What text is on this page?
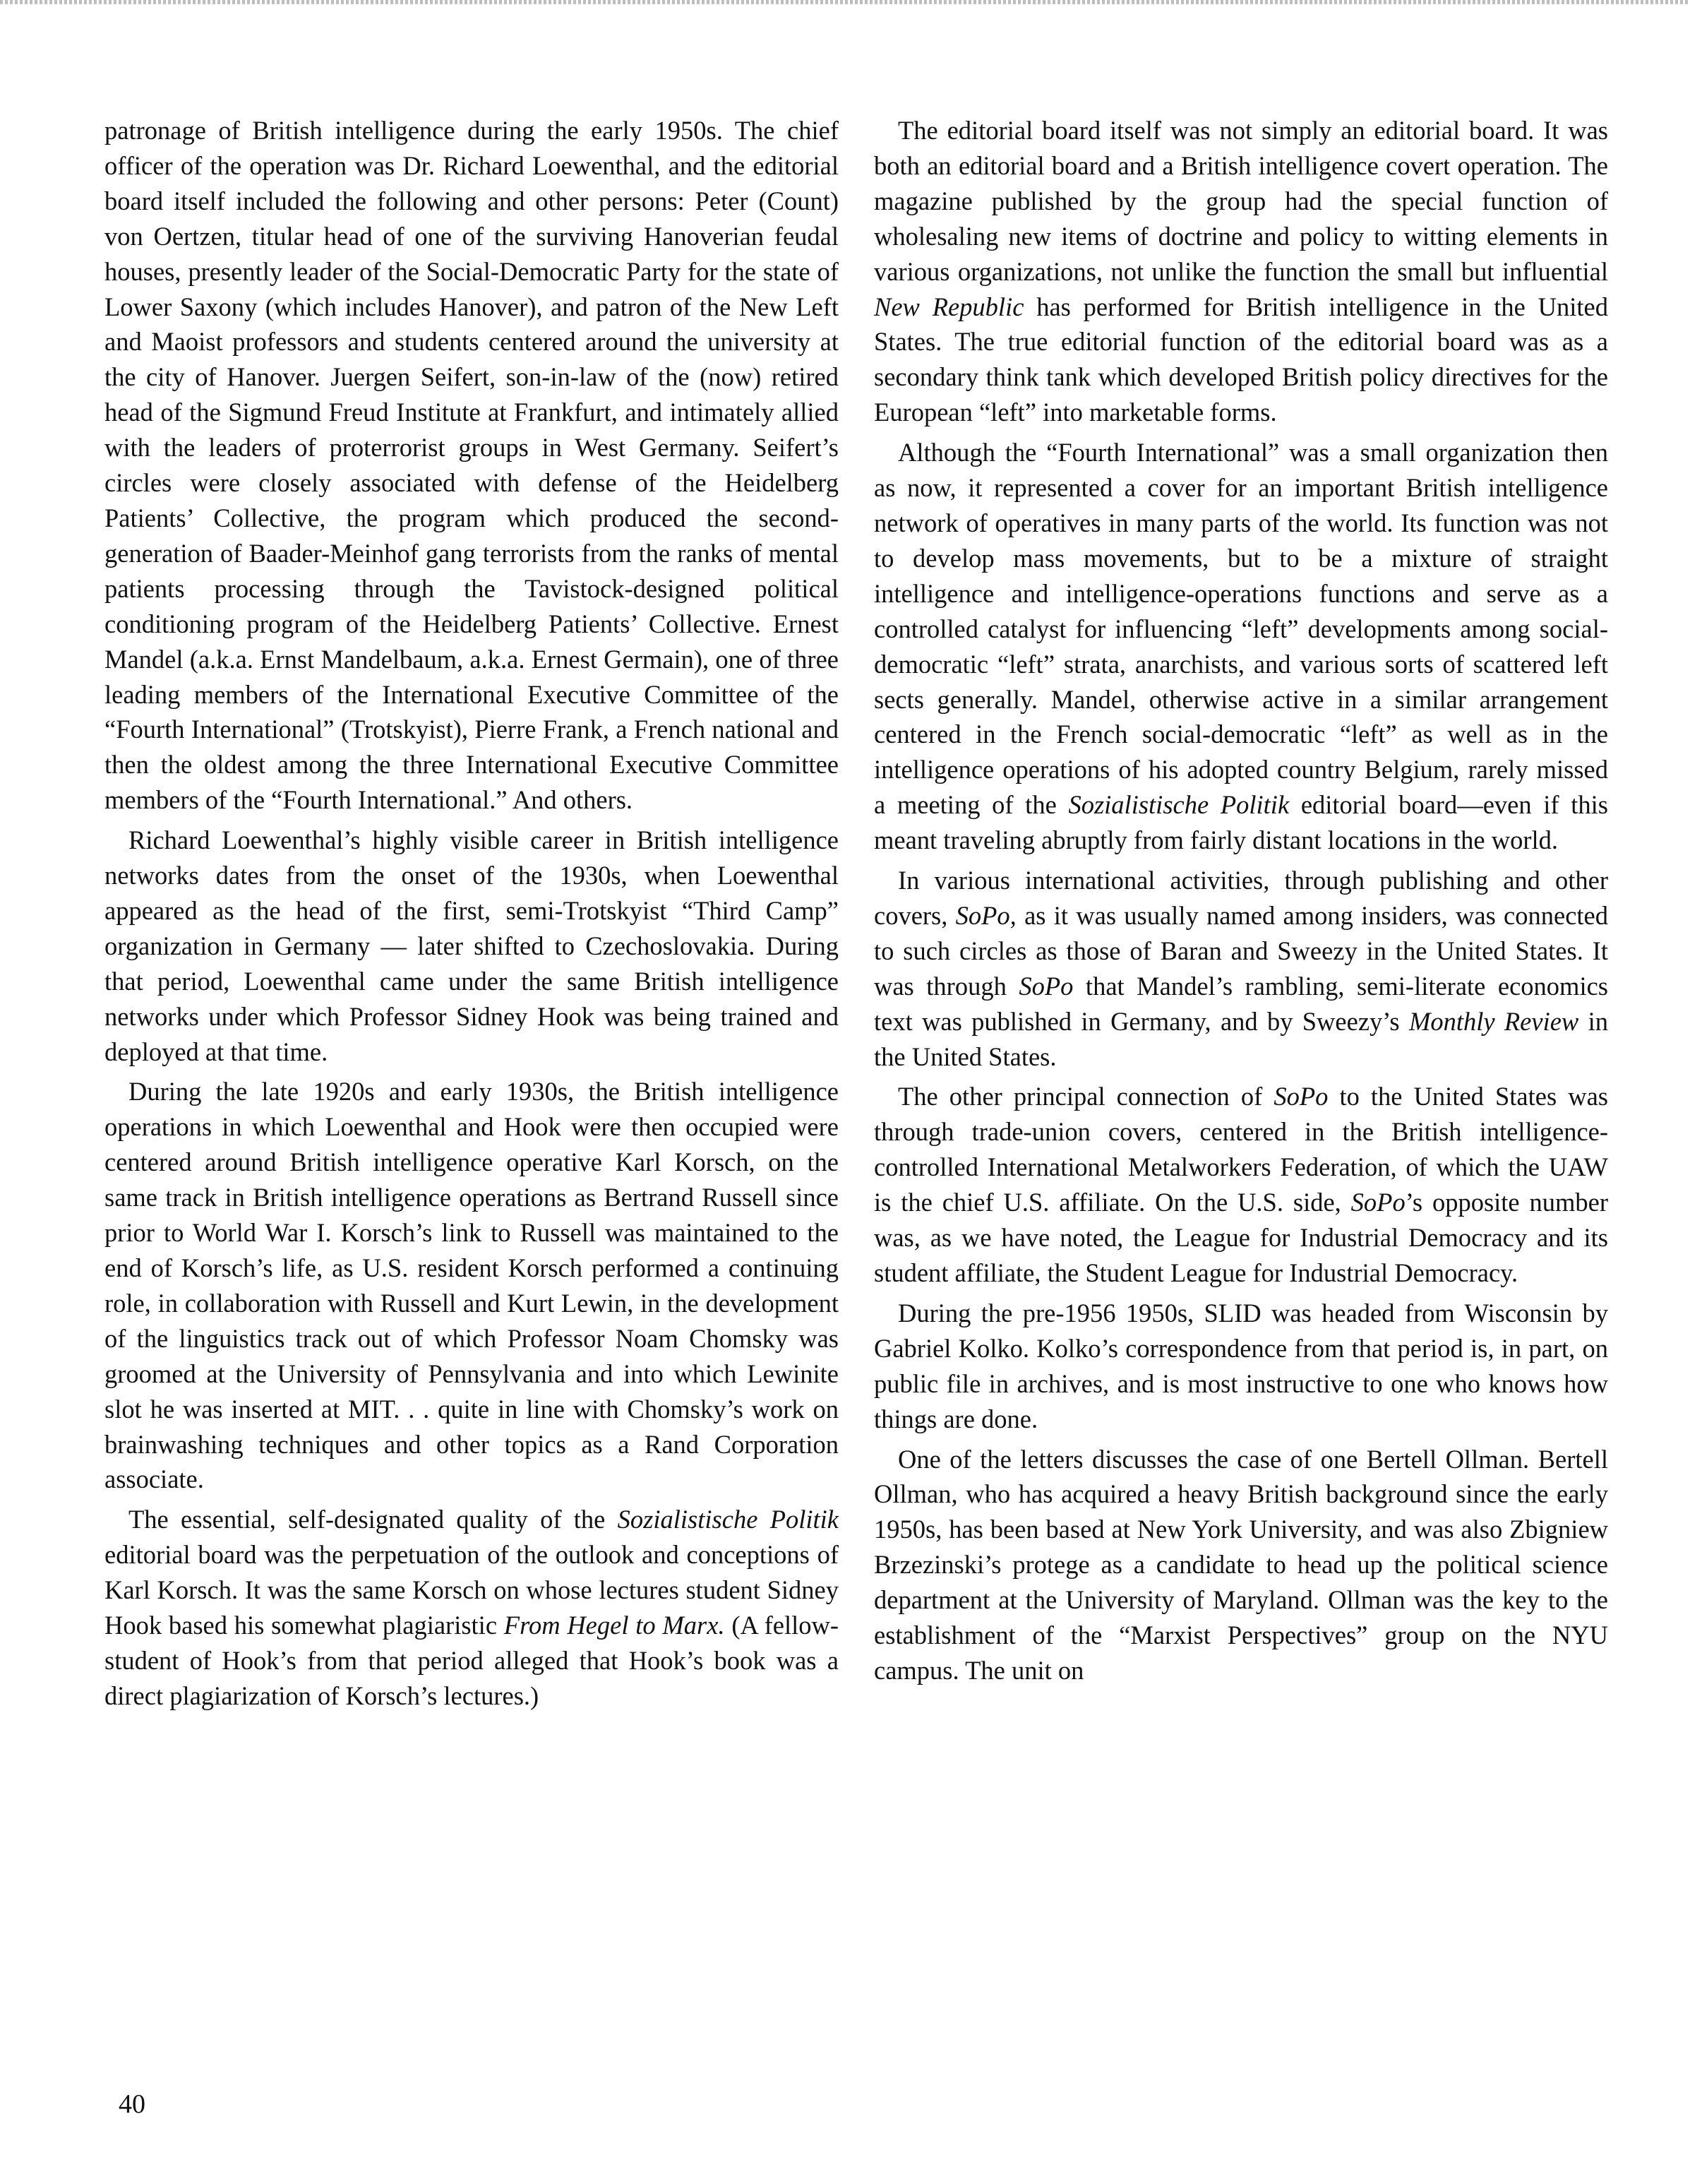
patronage of British intelligence during the early 1950s. The chief officer of the operation was Dr. Richard Loewenthal, and the editorial board itself included the following and other persons: Peter (Count) von Oertzen, titular head of one of the surviving Hanoverian feudal houses, presently leader of the Social-Democratic Party for the state of Lower Saxony (which includes Hanover), and patron of the New Left and Maoist professors and students centered around the university at the city of Hanover. Juergen Seifert, son-in-law of the (now) retired head of the Sigmund Freud Institute at Frankfurt, and intimately allied with the leaders of proterrorist groups in West Germany. Seifert’s circles were closely associated with defense of the Heidelberg Patients’ Collective, the program which produced the second-generation of Baader-Meinhof gang terrorists from the ranks of mental patients processing through the Tavistock-designed political conditioning program of the Heidelberg Patients’ Collective. Ernest Mandel (a.k.a. Ernst Mandelbaum, a.k.a. Ernest Germain), one of three leading members of the International Executive Committee of the “Fourth International” (Trotskyist), Pierre Frank, a French national and then the oldest among the three International Executive Committee members of the “Fourth International.” And others.

Richard Loewenthal’s highly visible career in British intelligence networks dates from the onset of the 1930s, when Loewenthal appeared as the head of the first, semi-Trotskyist “Third Camp” organization in Germany — later shifted to Czechoslovakia. During that period, Loewenthal came under the same British intelligence networks under which Professor Sidney Hook was being trained and deployed at that time.

During the late 1920s and early 1930s, the British intelligence operations in which Loewenthal and Hook were then occupied were centered around British intelligence operative Karl Korsch, on the same track in British intelligence operations as Bertrand Russell since prior to World War I. Korsch’s link to Russell was maintained to the end of Korsch’s life, as U.S. resident Korsch performed a continuing role, in collaboration with Russell and Kurt Lewin, in the development of the linguistics track out of which Professor Noam Chomsky was groomed at the University of Pennsylvania and into which Lewinite slot he was inserted at MIT. . . quite in line with Chomsky’s work on brainwashing techniques and other topics as a Rand Corporation associate.

The essential, self-designated quality of the Sozialistische Politik editorial board was the perpetuation of the outlook and conceptions of Karl Korsch. It was the same Korsch on whose lectures student Sidney Hook based his somewhat plagiaristic From Hegel to Marx. (A fellow-student of Hook’s from that period alleged that Hook’s book was a direct plagiarization of Korsch’s lectures.)

The editorial board itself was not simply an editorial board. It was both an editorial board and a British intelligence covert operation. The magazine published by the group had the special function of wholesaling new items of doctrine and policy to witting elements in various organizations, not unlike the function the small but influential New Republic has performed for British intelligence in the United States. The true editorial function of the editorial board was as a secondary think tank which developed British policy directives for the European “left” into marketable forms.

Although the “Fourth International” was a small organization then as now, it represented a cover for an important British intelligence network of operatives in many parts of the world. Its function was not to develop mass movements, but to be a mixture of straight intelligence and intelligence-operations functions and serve as a controlled catalyst for influencing “left” developments among social-democratic “left” strata, anarchists, and various sorts of scattered left sects generally. Mandel, otherwise active in a similar arrangement centered in the French social-democratic “left” as well as in the intelligence operations of his adopted country Belgium, rarely missed a meeting of the Sozialistische Politik editorial board—even if this meant traveling abruptly from fairly distant locations in the world.

In various international activities, through publishing and other covers, SoPo, as it was usually named among insiders, was connected to such circles as those of Baran and Sweezy in the United States. It was through SoPo that Mandel’s rambling, semi-literate economics text was published in Germany, and by Sweezy’s Monthly Review in the United States.

The other principal connection of SoPo to the United States was through trade-union covers, centered in the British intelligence-controlled International Metalworkers Federation, of which the UAW is the chief U.S. affiliate. On the U.S. side, SoPo’s opposite number was, as we have noted, the League for Industrial Democracy and its student affiliate, the Student League for Industrial Democracy.

During the pre-1956 1950s, SLID was headed from Wisconsin by Gabriel Kolko. Kolko’s correspondence from that period is, in part, on public file in archives, and is most instructive to one who knows how things are done.

One of the letters discusses the case of one Bertell Ollman. Bertell Ollman, who has acquired a heavy British background since the early 1950s, has been based at New York University, and was also Zbigniew Brzezinski’s protege as a candidate to head up the political science department at the University of Maryland. Ollman was the key to the establishment of the “Marxist Perspectives” group on the NYU campus. The unit on

40
